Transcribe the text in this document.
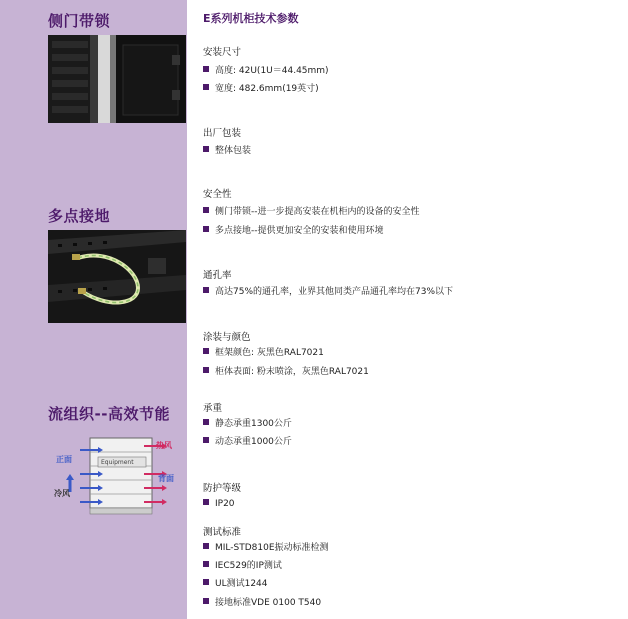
侧门带锁
多点接地
流组织--高效节能
正面
热风
背面
冷风
Equipment
E系列机柜技术参数
安装尺寸
高度: 42U(1U＝44.45mm)
宽度: 482.6mm(19英寸)
出厂包装
整体包装
安全性
侧门带锁--进一步提高安装在机柜内的设备的安全性
多点接地--提供更加安全的安装和使用环境
通孔率
高达75%的通孔率，业界其他同类产品通孔率均在73%以下
涂装与颜色
框架颜色: 灰黑色RAL7021
柜体表面: 粉末喷涂，灰黑色RAL7021
承重
静态承重1300公斤
动态承重1000公斤
防护等级
IP20
测试标准
MIL-STD810E振动标准检测
IEC529的IP测试
UL测试1244
接地标准VDE 0100 T540
